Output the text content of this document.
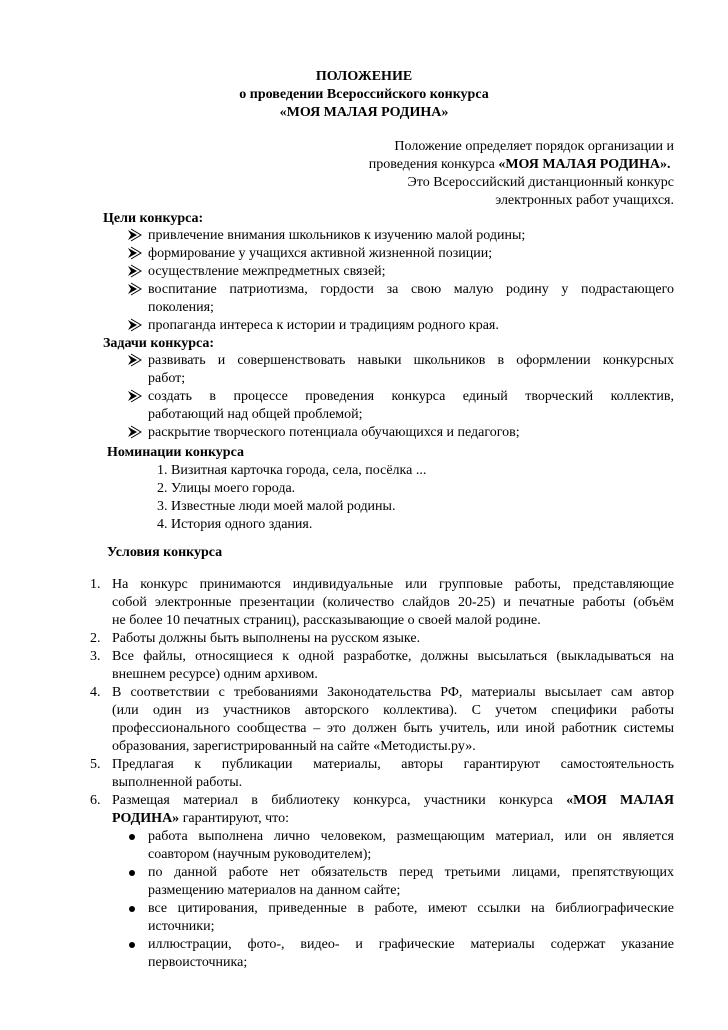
ПОЛОЖЕНИЕ
о проведении Всероссийского конкурса
«МОЯ МАЛАЯ РОДИНА»
Положение определяет порядок организации и
проведения конкурса «МОЯ МАЛАЯ РОДИНА».
Это Всероссийский дистанционный конкурс
электронных работ учащихся.
Цели конкурса:
привлечение внимания школьников к изучению малой родины;
формирование у учащихся активной жизненной позиции;
осуществление межпредметных связей;
воспитание патриотизма, гордости за свою малую родину у подрастающего
поколения;
пропаганда интереса к истории и традициям родного края.
Задачи конкурса:
развивать и совершенствовать навыки школьников в оформлении конкурсных
работ;
создать в процессе проведения конкурса единый творческий коллектив,
работающий над общей проблемой;
раскрытие творческого потенциала обучающихся и педагогов;
Номинации конкурса
1. Визитная карточка города, села, посёлка ...
2. Улицы моего города.
3. Известные люди моей малой родины.
4. История одного здания.
Условия конкурса
1. На конкурс принимаются индивидуальные или групповые работы, представляющие
собой электронные презентации (количество слайдов 20-25) и печатные работы (объём
не более 10 печатных страниц), рассказывающие о своей малой родине.
2. Работы должны быть выполнены на русском языке.
3. Все файлы, относящиеся к одной разработке, должны высылаться (выкладываться на
внешнем ресурсе) одним архивом.
4. В соответствии с требованиями Законодательства РФ, материалы высылает сам автор
(или один из участников авторского коллектива). С учетом специфики работы
профессионального сообщества – это должен быть учитель, или иной работник системы
образования, зарегистрированный на сайте «Методисты.ру».
5. Предлагая к публикации материалы, авторы гарантируют самостоятельность
выполненной работы.
6. Размещая материал в библиотеку конкурса, участники конкурса «МОЯ МАЛАЯ
РОДИНА» гарантируют, что:
работа выполнена лично человеком, размещающим материал, или он является
соавтором (научным руководителем);
по данной работе нет обязательств перед третьими лицами, препятствующих
размещению материалов на данном сайте;
все цитирования, приведенные в работе, имеют ссылки на библиографические
источники;
иллюстрации, фото-, видео- и графические материалы содержат указание
первоисточника;
